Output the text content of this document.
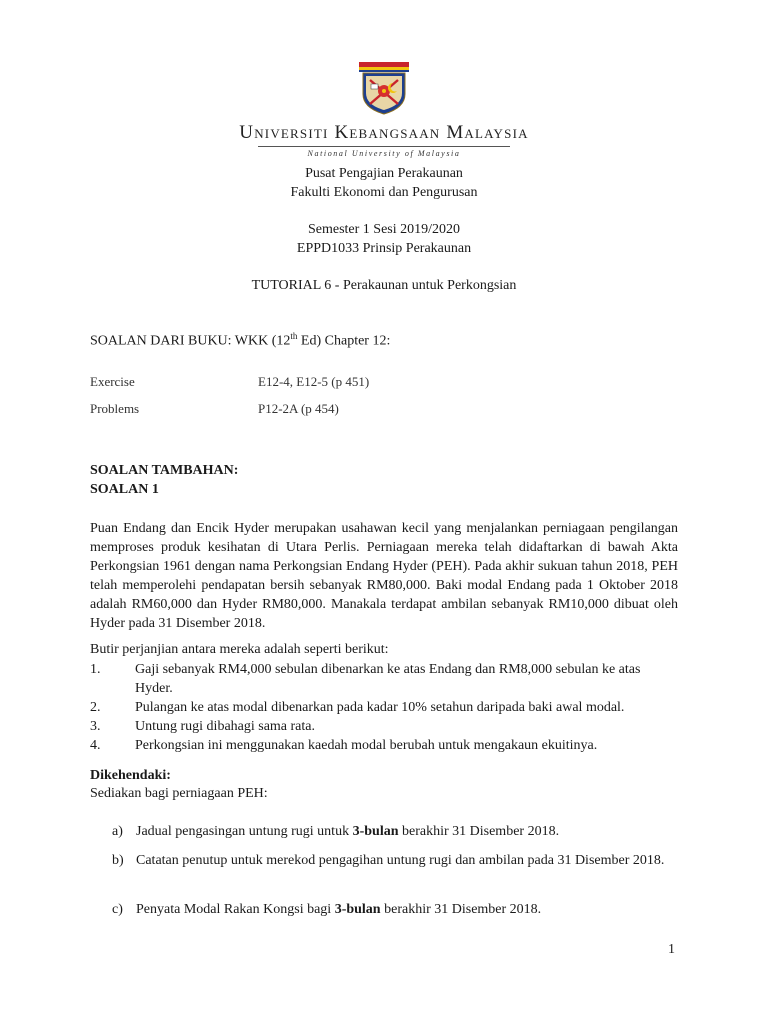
Universiti Kebangsaan Malaysia
National University of Malaysia
Pusat Pengajian Perakaunan
Fakulti Ekonomi dan Pengurusan
Semester 1 Sesi 2019/2020
EPPD1033 Prinsip Perakaunan
TUTORIAL 6 - Perakaunan untuk Perkongsian
SOALAN DARI BUKU: WKK (12th Ed) Chapter 12:
Exercise	E12-4, E12-5 (p 451)
Problems	P12-2A (p 454)
SOALAN TAMBAHAN:
SOALAN 1
Puan Endang dan Encik Hyder merupakan usahawan kecil yang menjalankan perniagaan pengilangan memproses produk kesihatan di Utara Perlis. Perniagaan mereka telah didaftarkan di bawah Akta Perkongsian 1961 dengan nama Perkongsian Endang Hyder (PEH). Pada akhir sukuan tahun 2018, PEH telah memperolehi pendapatan bersih sebanyak RM80,000. Baki modal Endang pada 1 Oktober 2018 adalah RM60,000 dan Hyder RM80,000. Manakala terdapat ambilan sebanyak RM10,000 dibuat oleh Hyder pada 31 Disember 2018.
Butir perjanjian antara mereka adalah seperti berikut:
1. Gaji sebanyak RM4,000 sebulan dibenarkan ke atas Endang dan RM8,000 sebulan ke atas Hyder.
2. Pulangan ke atas modal dibenarkan pada kadar 10% setahun daripada baki awal modal.
3. Untung rugi dibahagi sama rata.
4. Perkongsian ini menggunakan kaedah modal berubah untuk mengakaun ekuitinya.
Dikehendaki:
Sediakan bagi perniagaan PEH:
a) Jadual pengasingan untung rugi untuk 3-bulan berakhir 31 Disember 2018.
b) Catatan penutup untuk merekod pengagihan untung rugi dan ambilan pada 31 Disember 2018.
c) Penyata Modal Rakan Kongsi bagi 3-bulan berakhir 31 Disember 2018.
1
